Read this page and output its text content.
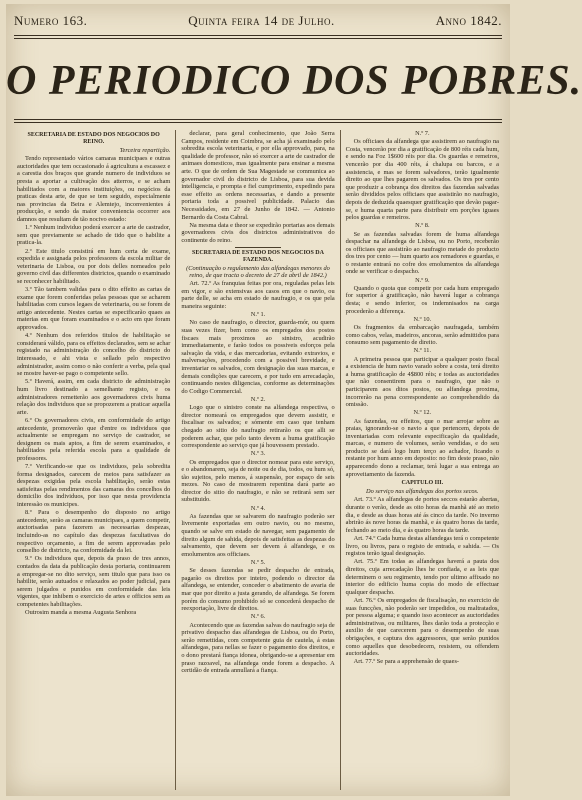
Numero 163.	Quinta feira 14 de Julho.	Anno 1842.
O PERIODICO DOS POBRES.

SECRETARIA DE ESTADO DOS NEGOCIOS DO REINO.

Terceira repartição.

Tendo representado vários camaras municipaes e outras auctoridades que tem occasionado á agricultura a escassez e a carestia dos braços que grande numero de individuos se presta a aportar a cultivação dos atterros, e se acham habilitados com a maiores instituições, ou negócios da praticas desta arte, de que se tem seguido, especialmente nas provincias da Beira e Alemtejo, inconvenientes á producção, e sendo da maior conveniencia occorrer aos damnos que resultam de tão nocivo estado:

1.º Nenhum individuo poderá exercer a arte de castrador, sem que previamente se achado de tido que o habilite a pratica-la.

2.º Este titulo consistirá em hum certa de exame, expedida e assignada pelos professores da escola militar de veterinaria de Lisboa, ou por dois delles nomeados pelo governo civil das differentes districtos, quando o examinado se reconhecer habilitado.

3.º Tão tambem validas para o dito effeito as cartas de exame que forem conferidas pelas pessoas que se acharem habilitadas com cursos legaes de veterinaria, ou se forem de artigo antecedente. Nestes cartas se especificarão quaes as materias em que foram examinados e o acto em que foram approvados.

4.º Nenhum dos referidos titulos de habilitação se considerará válido, para os effeitos declarados, sem se achar registado na administração do concelho do districto do interessado, e ahi vista e sellado pelo respectivo administrador, assim como o não conferir a verba, pela qual se mostre haver-se pago o competente sello.

5.º Haverá, assim, em cada districto de administração hum livro destinado a semelhante registo, e os administradores remetterão aos governadores civis huma relação dos individuos que se propozerem a praticar aquella arte.

6.º Os governadores civis, em conformidade do artigo antecedente, promoverão que d'entre os individuos que actualmente se empregam no serviço de castrador, se designem os mais aptos, a fim de serem examinados, e habilitados pela referida escola para a qualidade de professores.

7.º Verificando-se que os individuos, pela sobredita forma designados, carecem de meios para satisfazer as despezas exigidas pela escola habilitação, serão estas satisfeitas pelas rendimentos das camaras dos concelhos do domicilio dos individuos, por isso que nesta providencia interessão os municipes.

8.º Para o desempenho do disposto no artigo antecedente, serão as camaras municipaes, a quem competir, auctorisadas para fazerem as necessarias despezas, incluindo-as no capítulo das despezas facultativas do respectivo orçamento, a fim de serem approvadas pelo conselho de districto, na conformidade da lei.

9.º Os individuos que, depois da praso de tres annos, contados da data da publicação desta portaria, continuarem a empregar-se no dito serviço, sem titulo que para isso os habilite, serão autuados e relaxados ao poder judicial, para serem julgados e punidos em conformidade das leis vigentes, que inhibem o exercicio de artes e officios sem as competentes habilitações.

Outrosim manda a mesma Augusta Senhora

declarar, para geral conhecimento, que João Serra Campos, residente em Coimbra, se acha já examinado pelo sobredita escola veterinaria, e por ella approvado, para, na qualidade de professor, não só exercer a arte de castrador de animaes domesticos, mas igualmente para ensinar a mesma arte. O que de ordem de Sua Magestade se communica ao governador civil do districto de Lisboa, para sua devida intelligencia, e prompta e fiel cumprimento, expedindo para esse effeito as ordens necessarias, e dando a presente portaria toda a possivel publicidade. Palacio das Necessidades, em 27 de Junho de 1842. — Antonio Bernardo da Costa Cabral.

Na mesma data e theor se expedirão portarias aos demais governadores civis dos districtos administrativos do continente do reino.

SECRETARIA DE ESTADO DOS NEGOCIOS DA FAZENDA.

(Continuação o regulamento das alfandegas menores do reino, de que tracta o decreto de 27 de abril de 1842.)

Art. 72.º As franquias feitas por ora, reguladas pelas leis em vigor, e são extensivas aos casos em que o navio, ou parte delle, se acha em estado de naufragio, e os que pela maneira seguinte:

N.º 1.

No caso de naufragio, o director, guarda-mór, ou quem suas vezes fizer, bem como os empregados dos postos fiscaes mais proximos ao sinistro, acudirão immediatamente, e farão todos os possiveis esforços pela salvação da vida, e das mercadorias, evitando extravios, e malversações, procedendo com a possivel brevidade, e inventariar os salvados, com designação das suas marcas, e demais condições que carecem, e por tudo em arrecadação, continuando nestes diligencias, conforme as determinações do Codigo Commercial.

N.º 2.

Logo que o sinistro conste na alfandega respectiva, o director nomeará os empregados que devem assistir, e fiscalisar os salvados; e sómente em caso que tenham chegado ao sitio do naufragio retirarão os que alli se poderem achar, que pelo tanto devem a huma gratificação correspondente ao serviço que já houvessem prestado.

N.º 3.

Os empregados que o director nomear para este serviço, e o abandonarem, seja de noite ou de dia, todos, ou hum só, tão sujeitos, pelo menos, á suspensão, por espaço de seis mezes. No caso de mostrarem repentina dará parte ao director do sitio do naufragio, e não se retirará sem ser substituido.

N.º 4.

As fazendas que se salvarem do naufragio poderão ser livremente exportadas em outro navio, ou no mesmo, quando se salve em estado de navegar, sem pagamento de direito algum de sahida, depois de satisfeitas as despezas do salvamento, que devem ser devem á alfandega, e os emolumentos aos officiaes.

N.º 5.

Se desses fazendas se pedir despacho de entrada, pagarão os direitos por inteiro, podendo o director da alfandega, se entender, conceder o abatimento de avaria de mar que por direito a justa gerando, de alfandega. Se forem porém do consumo prohibido só se concederá despacho de reexportação, livre de direitos.

N.º 6.

Acontecendo que as fazendas salvas do naufragio seja de privativo despacho das alfandegas de Lisboa, ou do Porto, serão remettidas, com competente guia de cautela, á estas alfandegas, para nellas se fazer o pagamento dos direitos, e o dono prestará fiança idonea, obrigando-se a apresentar em praso razoavel, na alfandega onde forem a despacho. A certidão de entrada annullará a fiança.

N.º 7.

Os officiaes da alfandega que assistirem ao naufragio na Costa, vencerão por dia a gratificação de 800 réis cada hum, e sendo na Foz 1$600 réis por dia. Os guardas e remeiros, vencerão por dia 400 réis, á chalupa ou barcos, e a assistencia, e mas se forem salvadores, terão igualmente direito ao que lhes pagarem os salvados. Os tres por cento que produzir a cobrança dos direitos das fazendas salvadas serão divididos pelos officiaes que assistirão no naufragio, depois de deduzida quaesquer gratificação que devão pagar-se, e huma quarta parte para distribuir em porções iguaes pelos guardas e remeiros.

N.º 8.

Se as fazendas salvadas forem de huma alfandega despachar na alfandega de Lisboa, ou no Porto, receberão os officiaes que assistirão ao naufragio metade do producto dos tres por cento — hum quarto aos remadores e guardas, e o restante entrará no cofre dos emolumentos da alfandega onde se verificar o despacho.

N.º 9.

Quando o quota que competir por cada hum empregado for superior á gratificação, não haverá lugar a cobrança desta; e sendo inferior, os indemnisados na carga procederão a diferença.

N.º 10.

Os fragmentos da embarcação naufragada, também como cabos, velas, madeiros, ancoras, serão admittidos para consumo sem pagamento de direito.

N.º 11.

A primeira pessoa que participar a qualquer posto fiscal a existencia de hum navio varado sobre a costa, terá direito a huma gratificação de 4$800 réis; e todas as auctoridades que não consentirem para o naufragio, que não o participarem aos ditos postos, ou alfandega proxima, incorrerão na pena correspondente ao comprehendido da omissão.

N.º 12.

As fazendas, ou effeitos, que o mar arrojar sobre as praias, ignorando-se o navio a que pertencem, depois de inventariadas com relevante especificação da qualidade, marcas, e numero de volumes, serão vendidas, e do seu producto se dará logo hum terço ao achador, ficando o restante por hum anno em deposito: no fim deste praso, não apparecendo dono a reclamar, terá lugar a sua entrega ao aproveitamento da fazenda.

CAPITULO III.

Do serviço nas alfandegas dos portos secos.

Art. 73.º As alfandegas de portos seccos estarão abertas, durante o verão, desde as oito horas da manhã até ao meio dia, e desde as duas horas até ás cinco da tarde. No inverno abrirão ás nove horas da manhã, e ás quatro horas da tarde, fechando ao meio dia, e ás quatro horas da tarde.

Art. 74.º Cada huma destas alfandegas terá o competente livro, ou livros, para o registo de entrada, e sahida. — Os registos terão igual designação.

Art. 75.º Em todas as alfandegas haverá a pauta dos direitos, cuja arrecadação lhes he confiada, e as leis que determinem o seu regimento, tendo por ultimo affixado no interior do edificio huma copia do modo de effectuar qualquer despacho.

Art. 76.º Os empregados de fiscalisação, no exercicio de suas funcções, não poderão ser impedidos, ou maltratados, por pessoa alguma; e quando isso acontecer as auctoridades administrativas, ou militares, lhes darão toda a protecção e auxilio de que carecerem para o desempenho de suas obrigações, e captura dos aggressores, que serão punidos como aquelles que desobedecem, resistem, ou offendem auctoridades.

Art. 77.º Se para a apprehensão de quaes-
